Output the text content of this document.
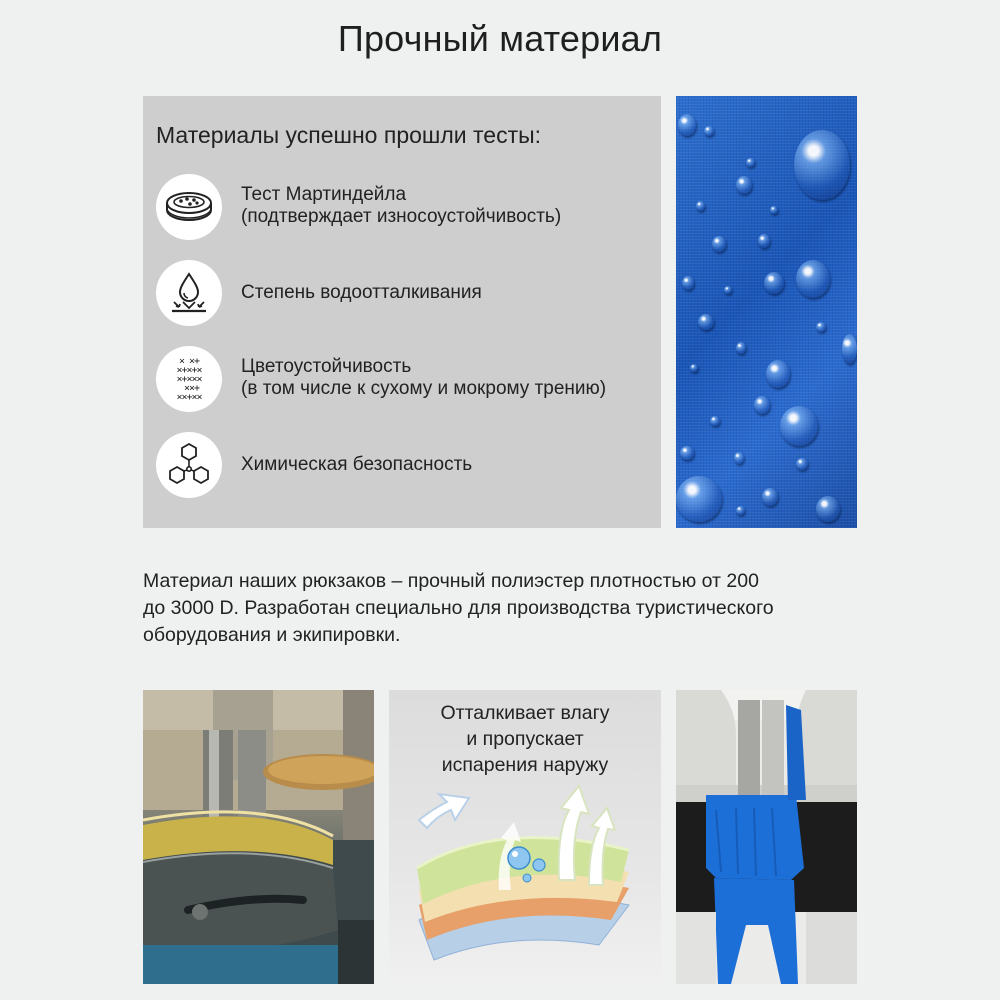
Прочный материал
Материалы успешно прошли тесты:
Тест Мартиндейла
(подтверждает износоустойчивость)
Степень водоотталкивания
× ×+
×+×+×
×+×××
××+
××+××
Цветоустойчивость
(в том числе к сухому и мокрому трению)
Химическая безопасность
Материал наших рюкзаков – прочный полиэстер плотностью от 200
до 3000 D. Разработан специально для производства туристического
оборудования и экипировки.
Отталкивает влагу
и пропускает
испарения наружу
